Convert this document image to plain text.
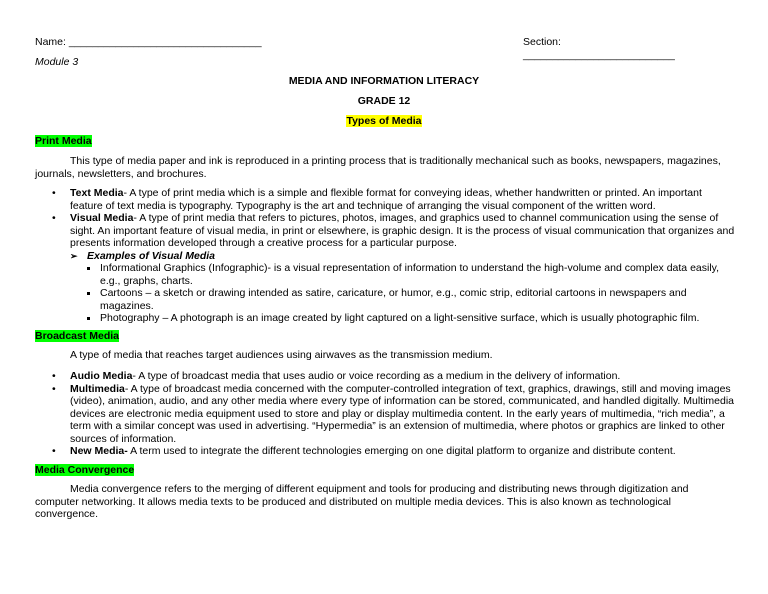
Name: _________________________________	Section: __________________________
Module 3
MEDIA AND INFORMATION LITERACY
GRADE 12
Types of Media
Print Media
This type of media paper and ink is reproduced in a printing process that is traditionally mechanical such as books, newspapers, magazines, journals, newsletters, and brochures.
• Text Media- A type of print media which is a simple and flexible format for conveying ideas, whether handwritten or printed. An important feature of text media is typography. Typography is the art and technique of arranging the visual component of the written word.
• Visual Media- A type of print media that refers to pictures, photos, images, and graphics used to channel communication using the sense of sight. An important feature of visual media, in print or elsewhere, is graphic design. It is the process of visual communication that organizes and presents information developed through a creative process for a particular purpose.
➢ Examples of Visual Media
Informational Graphics (Infographic)- is a visual representation of information to understand the high-volume and complex data easily, e.g., graphs, charts.
Cartoons – a sketch or drawing intended as satire, caricature, or humor, e.g., comic strip, editorial cartoons in newspapers and magazines.
Photography – A photograph is an image created by light captured on a light-sensitive surface, which is usually photographic film.
Broadcast Media
A type of media that reaches target audiences using airwaves as the transmission medium.
• Audio Media- A type of broadcast media that uses audio or voice recording as a medium in the delivery of information.
• Multimedia- A type of broadcast media concerned with the computer-controlled integration of text, graphics, drawings, still and moving images (video), animation, audio, and any other media where every type of information can be stored, communicated, and handled digitally. Multimedia devices are electronic media equipment used to store and play or display multimedia content. In the early years of multimedia, “rich media”, a term with a similar concept was used in advertising. “Hypermedia” is an extension of multimedia, where photos or graphics are linked to other sources of information.
• New Media- A term used to integrate the different technologies emerging on one digital platform to organize and distribute content.
Media Convergence
Media convergence refers to the merging of different equipment and tools for producing and distributing news through digitization and computer networking. It allows media texts to be produced and distributed on multiple media devices. This is also known as technological convergence.
